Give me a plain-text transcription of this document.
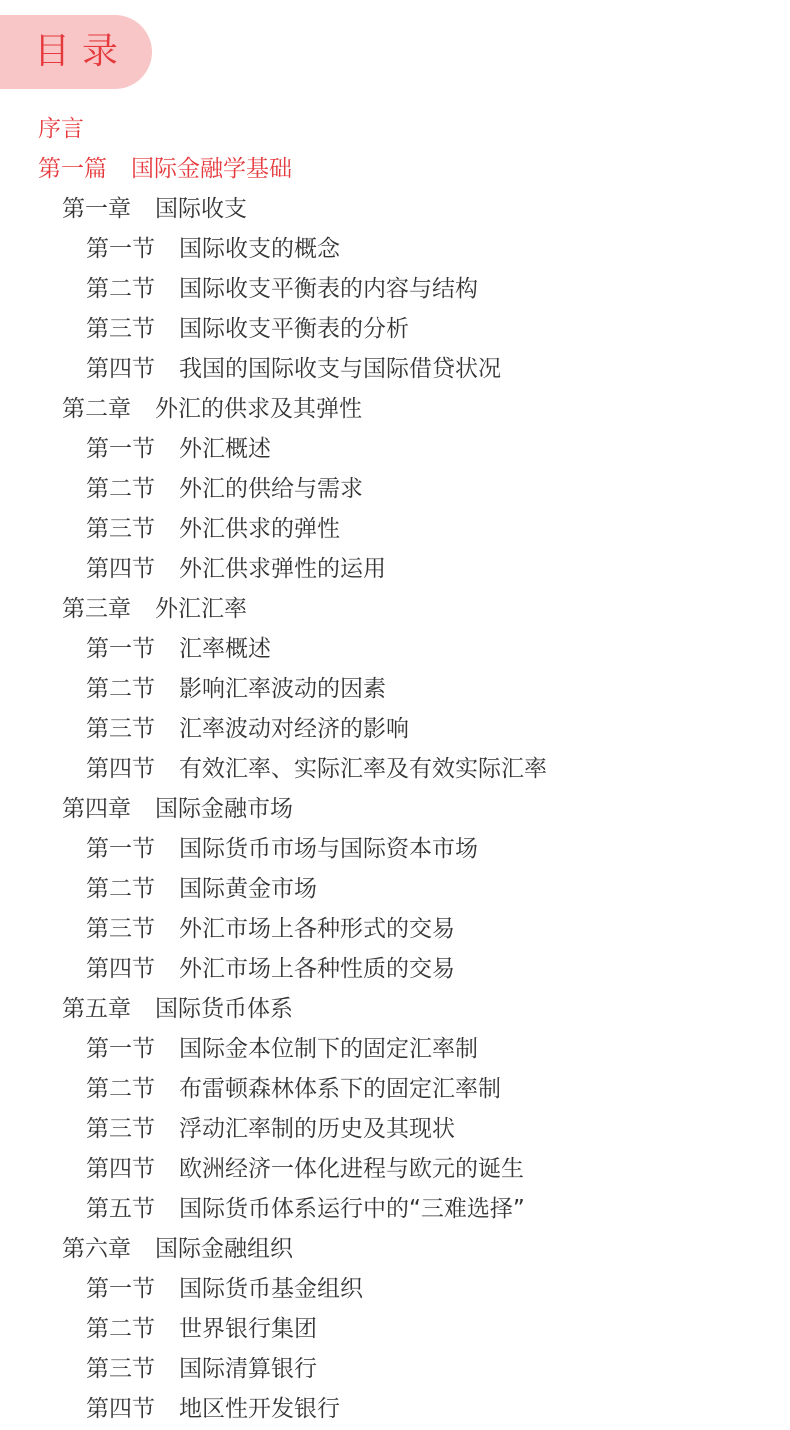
目录
序言
第一篇 国际金融学基础
第一章 国际收支
第一节 国际收支的概念
第二节 国际收支平衡表的内容与结构
第三节 国际收支平衡表的分析
第四节 我国的国际收支与国际借贷状况
第二章 外汇的供求及其弹性
第一节 外汇概述
第二节 外汇的供给与需求
第三节 外汇供求的弹性
第四节 外汇供求弹性的运用
第三章 外汇汇率
第一节 汇率概述
第二节 影响汇率波动的因素
第三节 汇率波动对经济的影响
第四节 有效汇率、实际汇率及有效实际汇率
第四章 国际金融市场
第一节 国际货币市场与国际资本市场
第二节 国际黄金市场
第三节 外汇市场上各种形式的交易
第四节 外汇市场上各种性质的交易
第五章 国际货币体系
第一节 国际金本位制下的固定汇率制
第二节 布雷顿森林体系下的固定汇率制
第三节 浮动汇率制的历史及其现状
第四节 欧洲经济一体化进程与欧元的诞生
第五节 国际货币体系运行中的“三难选择”
第六章 国际金融组织
第一节 国际货币基金组织
第二节 世界银行集团
第三节 国际清算银行
第四节 地区性开发银行
